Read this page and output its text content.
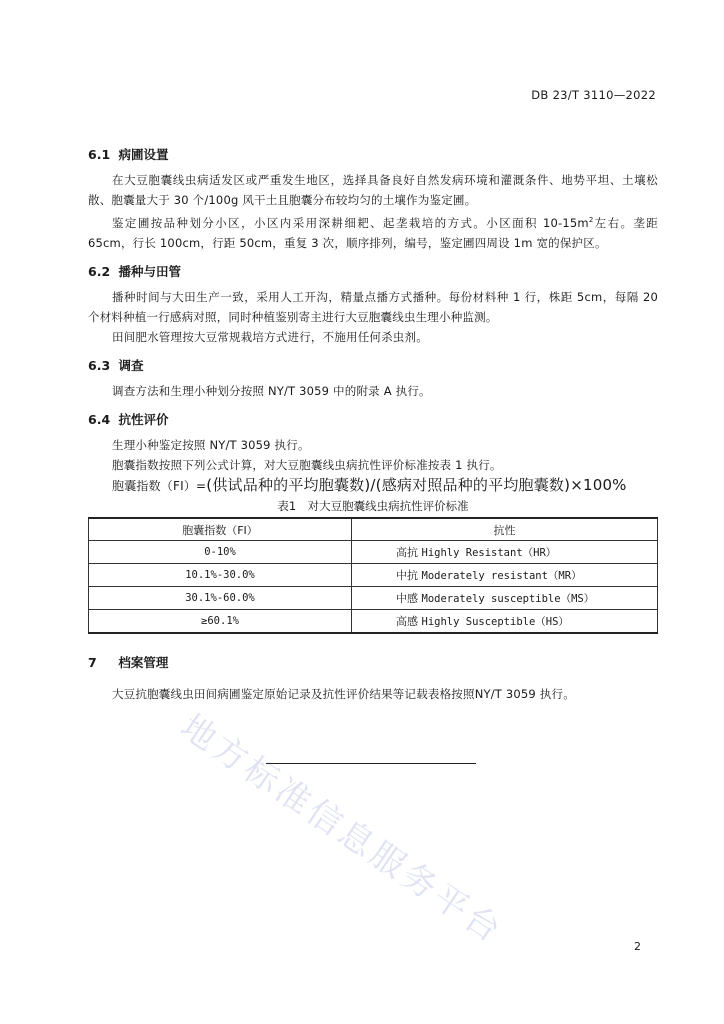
DB 23/T 3110—2022
地方标准信息服务平台
6.1 病圃设置

在大豆胞囊线虫病适发区或严重发生地区，选择具备良好自然发病环境和灌溉条件、地势平坦、土壤松散、胞囊量大于 30 个/100g 风干土且胞囊分布较均匀的土壤作为鉴定圃。

鉴定圃按品种划分小区，小区内采用深耕细耙、起垄栽培的方式。小区面积 $10-15m^2$左右。垄距 65cm，行长 100cm，行距 50cm，重复 3 次，顺序排列，编号，鉴定圃四周设 1m 宽的保护区。

6.2 播种与田管

播种时间与大田生产一致，采用人工开沟，精量点播方式播种。每份材料种 1 行，株距 5cm，每隔 20 个材料种植一行感病对照，同时种植鉴别寄主进行大豆胞囊线虫生理小种监测。

田间肥水管理按大豆常规栽培方式进行，不施用任何杀虫剂。

6.3 调查

调查方法和生理小种划分按照 NY/T 3059 中的附录 A 执行。

6.4 抗性评价

生理小种鉴定按照 NY/T 3059 执行。

胞囊指数按照下列公式计算，对大豆胞囊线虫病抗性评价标准按表 1 执行。

胞囊指数（FI）=(供试品种的平均胞囊数)/(感病对照品种的平均胞囊数)×100%

表1　对大豆胞囊线虫病抗性评价标准
胞囊指数（FI）	抗性
0-10%	高抗 Highly Resistant（HR）
10.1%-30.0%	中抗 Moderately resistant（MR）
30.1%-60.0%	中感 Moderately susceptible（MS）
≥60.1%	高感 Highly Susceptible（HS）
7 档案管理

大豆抗胞囊线虫田间病圃鉴定原始记录及抗性评价结果等记载表格按照NY/T 3059 执行。

2
